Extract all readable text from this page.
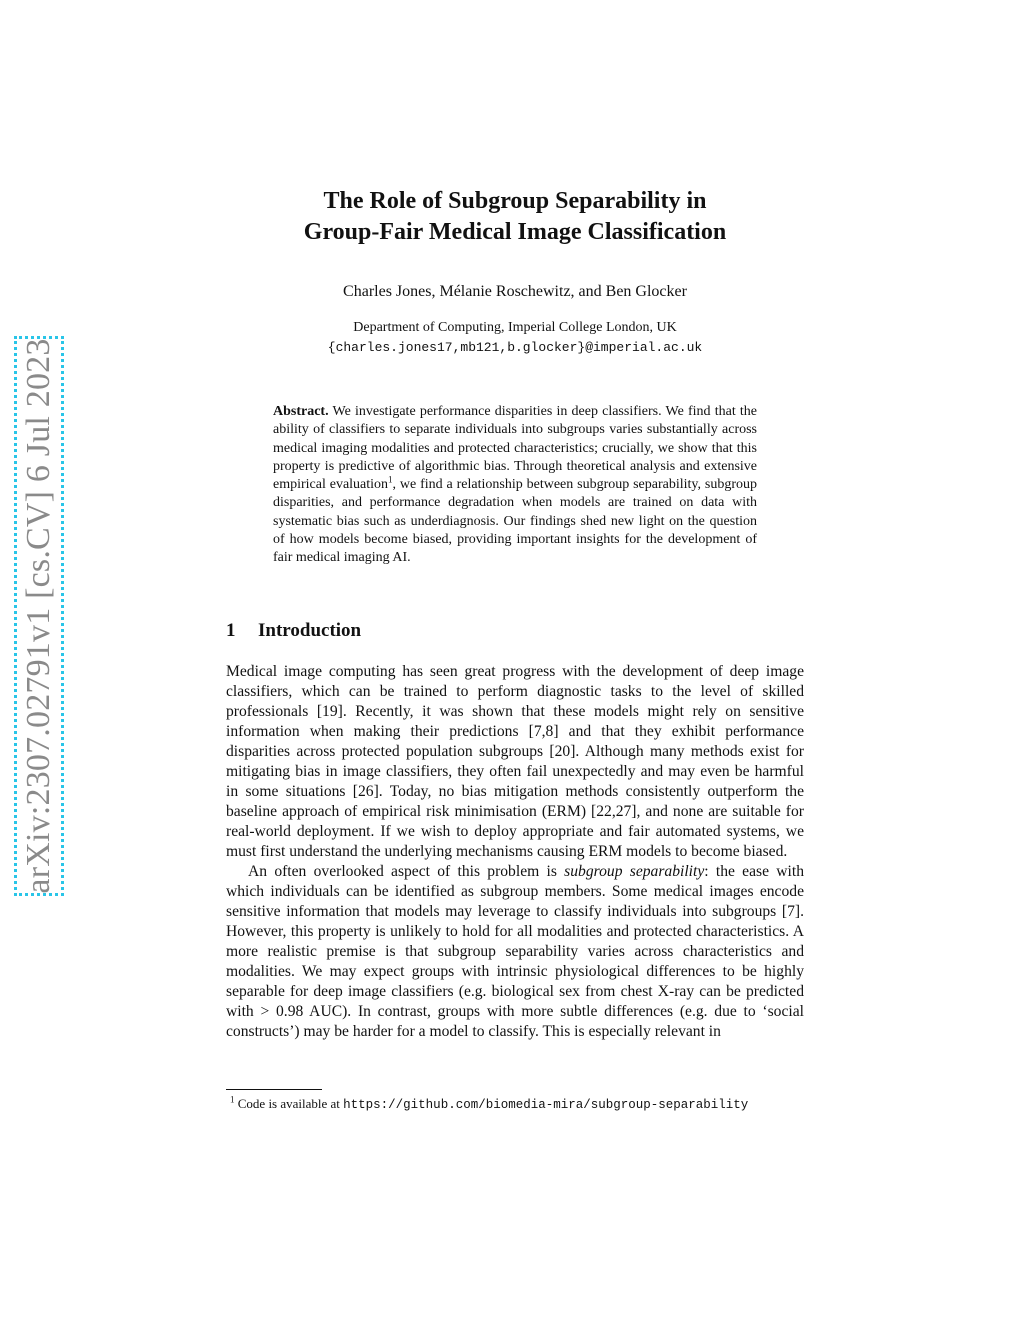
arXiv:2307.02791v1 [cs.CV] 6 Jul 2023
The Role of Subgroup Separability in
Group-Fair Medical Image Classification
Charles Jones, Mélanie Roschewitz, and Ben Glocker
Department of Computing, Imperial College London, UK
{charles.jones17,mb121,b.glocker}@imperial.ac.uk
Abstract. We investigate performance disparities in deep classifiers. We find that the ability of classifiers to separate individuals into subgroups varies substantially across medical imaging modalities and protected characteristics; crucially, we show that this property is predictive of algorithmic bias. Through theoretical analysis and extensive empirical evaluation$^1$, we find a relationship between subgroup separability, subgroup disparities, and performance degradation when models are trained on data with systematic bias such as underdiagnosis. Our findings shed new light on the question of how models become biased, providing important insights for the development of fair medical imaging AI.
1 Introduction

Medical image computing has seen great progress with the development of deep image classifiers, which can be trained to perform diagnostic tasks to the level of skilled professionals [19]. Recently, it was shown that these models might rely on sensitive information when making their predictions [7,8] and that they exhibit performance disparities across protected population subgroups [20]. Although many methods exist for mitigating bias in image classifiers, they often fail unexpectedly and may even be harmful in some situations [26]. Today, no bias mitigation methods consistently outperform the baseline approach of empirical risk minimisation (ERM) [22,27], and none are suitable for real-world deployment. If we wish to deploy appropriate and fair automated systems, we must first understand the underlying mechanisms causing ERM models to become biased.

An often overlooked aspect of this problem is subgroup separability: the ease with which individuals can be identified as subgroup members. Some medical images encode sensitive information that models may leverage to classify individuals into subgroups [7]. However, this property is unlikely to hold for all modalities and protected characteristics. A more realistic premise is that subgroup separability varies across characteristics and modalities. We may expect groups with intrinsic physiological differences to be highly separable for deep image classifiers (e.g. biological sex from chest X-ray can be predicted with > 0.98 AUC). In contrast, groups with more subtle differences (e.g. due to ‘social constructs’) may be harder for a model to classify. This is especially relevant in

$^1$ Code is available at https://github.com/biomedia-mira/subgroup-separability
